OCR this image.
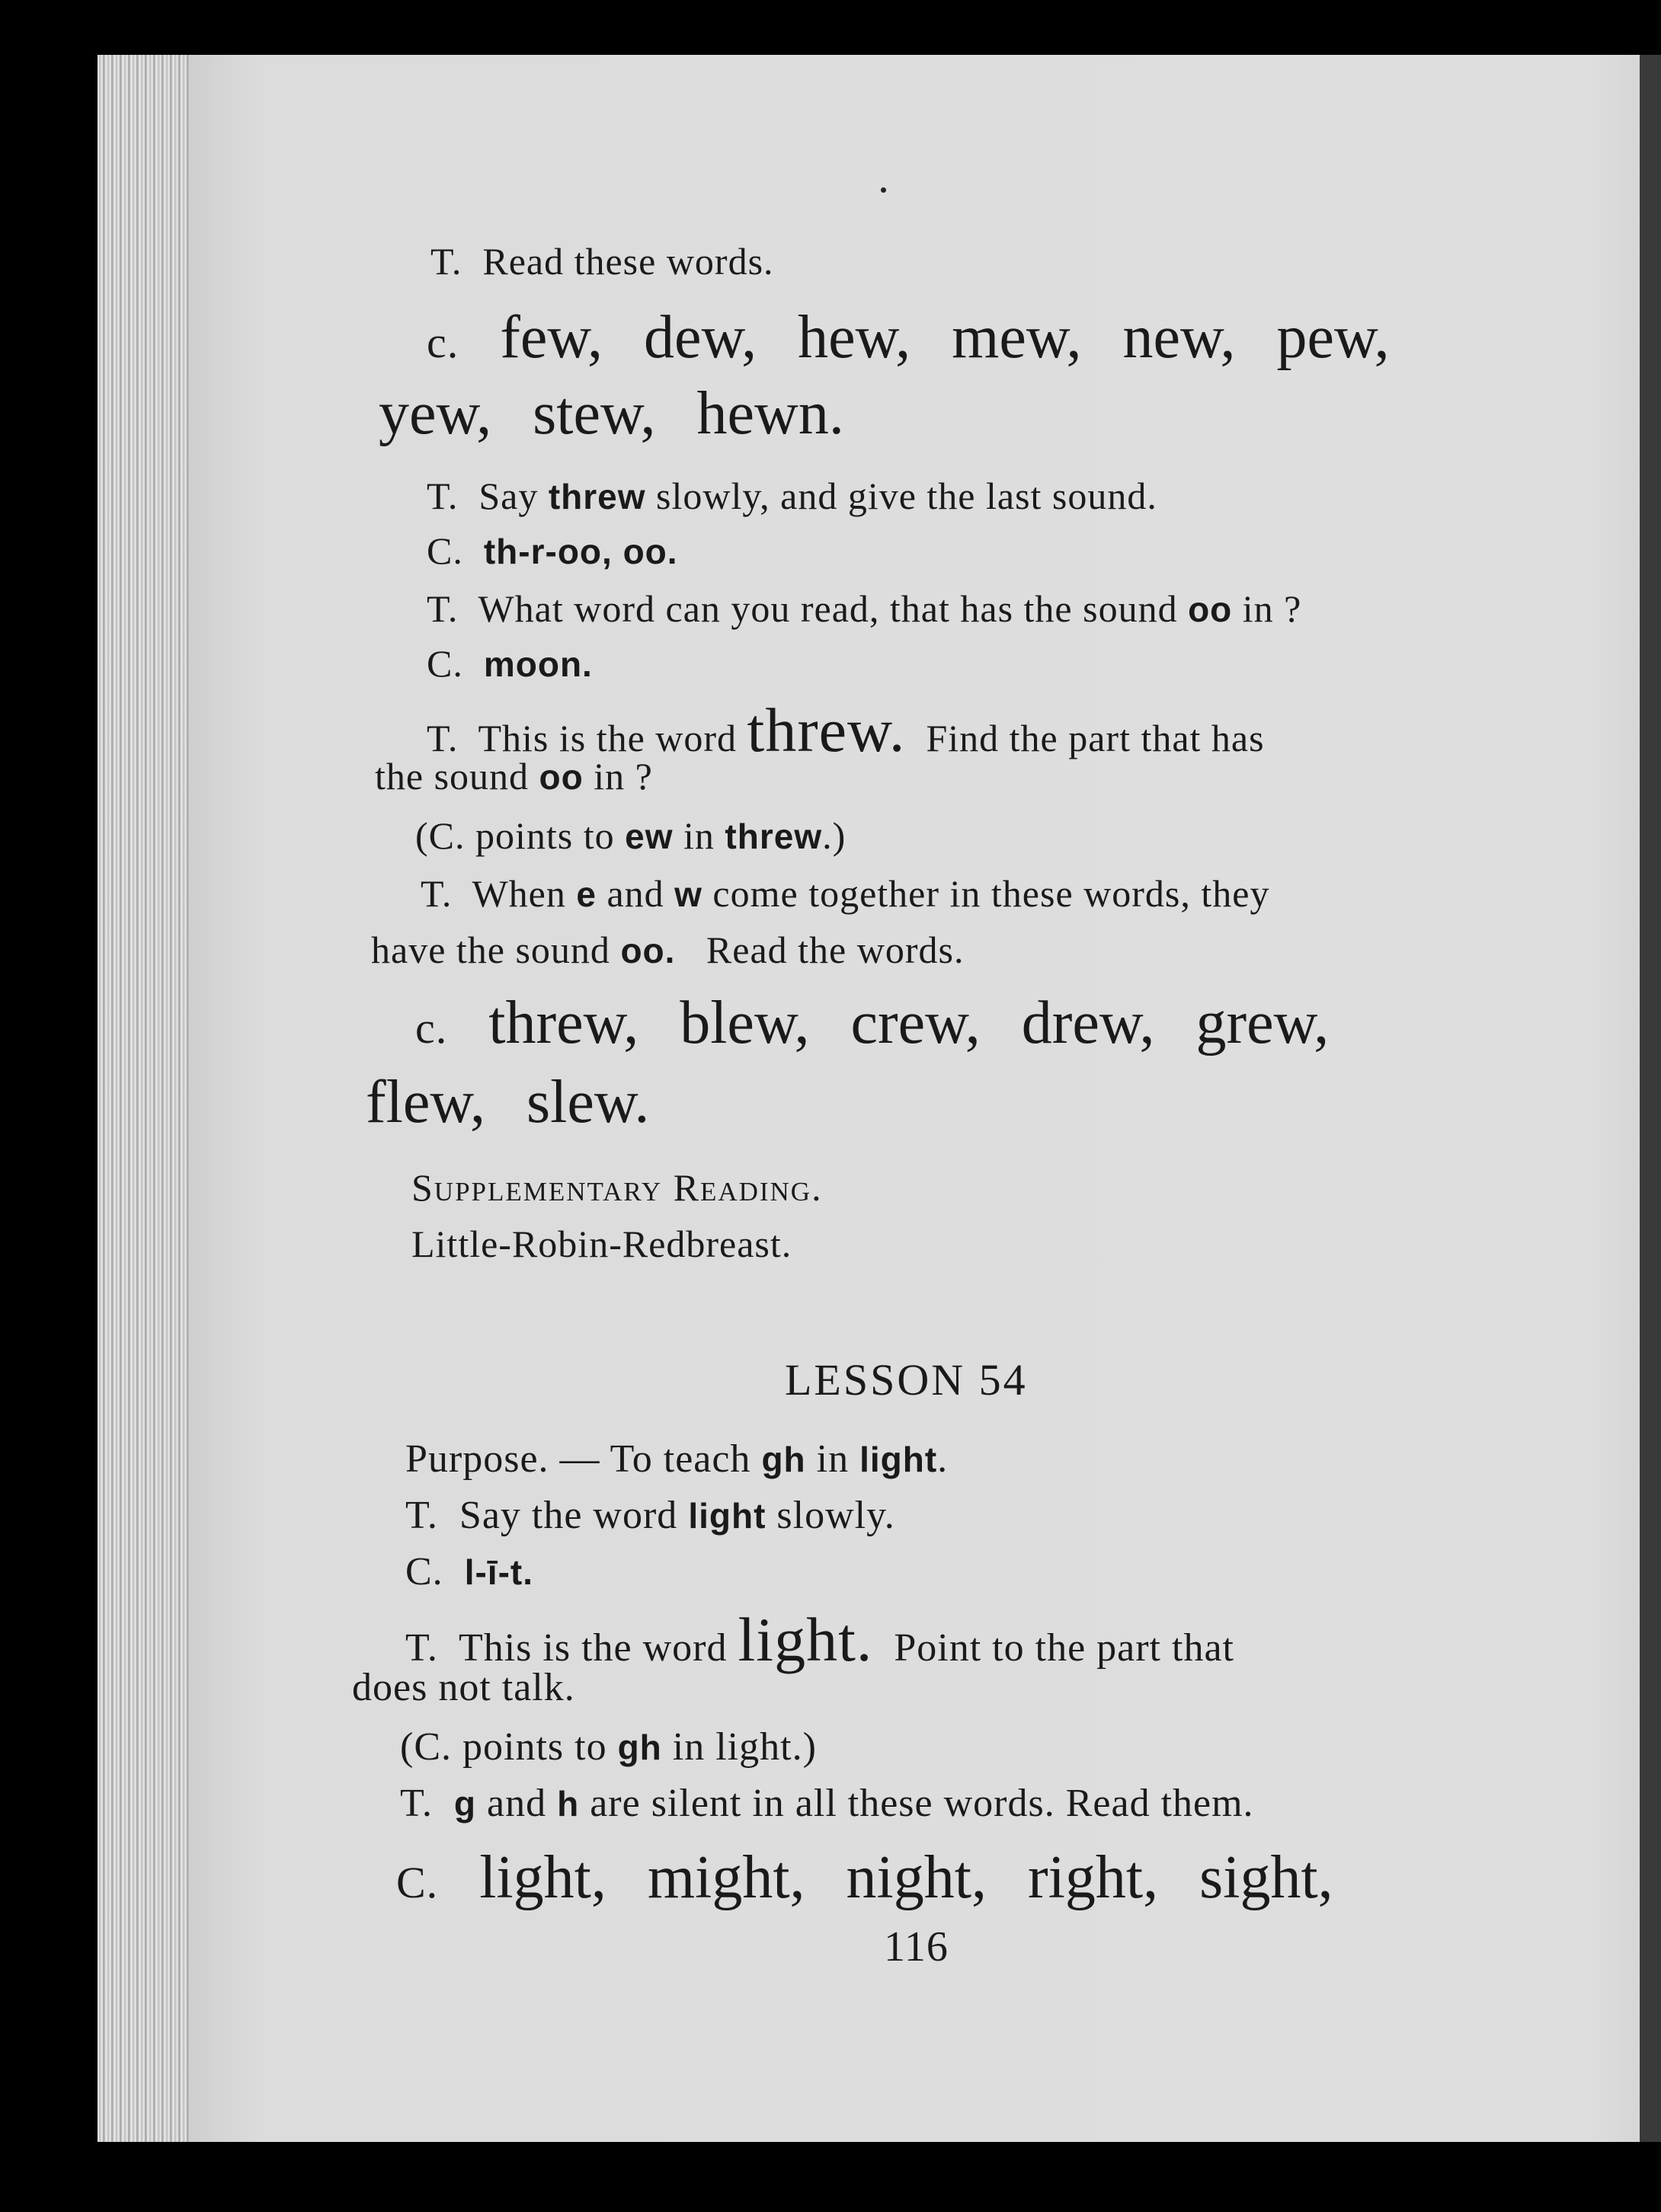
T. Read these words.
c. few, dew, hew, mew, new, pew,
yew, stew, hewn.
T. Say threw slowly, and give the last sound.
C. th-r-oo, oo.
T. What word can you read, that has the sound oo in ?
C. moon.
T. This is the word threw. Find the part that has
the sound oo in ?
(C. points to ew in threw.)
T. When e and w come together in these words, they
have the sound oo. Read the words.
c. threw, blew, crew, drew, grew,
flew, slew.
Supplementary Reading.
Little-Robin-Redbreast.
LESSON 54
Purpose. — To teach gh in light.
T. Say the word light slowly.
C. l-ī-t.
T. This is the word light. Point to the part that
does not talk.
(C. points to gh in light.)
T. g and h are silent in all these words. Read them.
C. light, might, night, right, sight,
116
